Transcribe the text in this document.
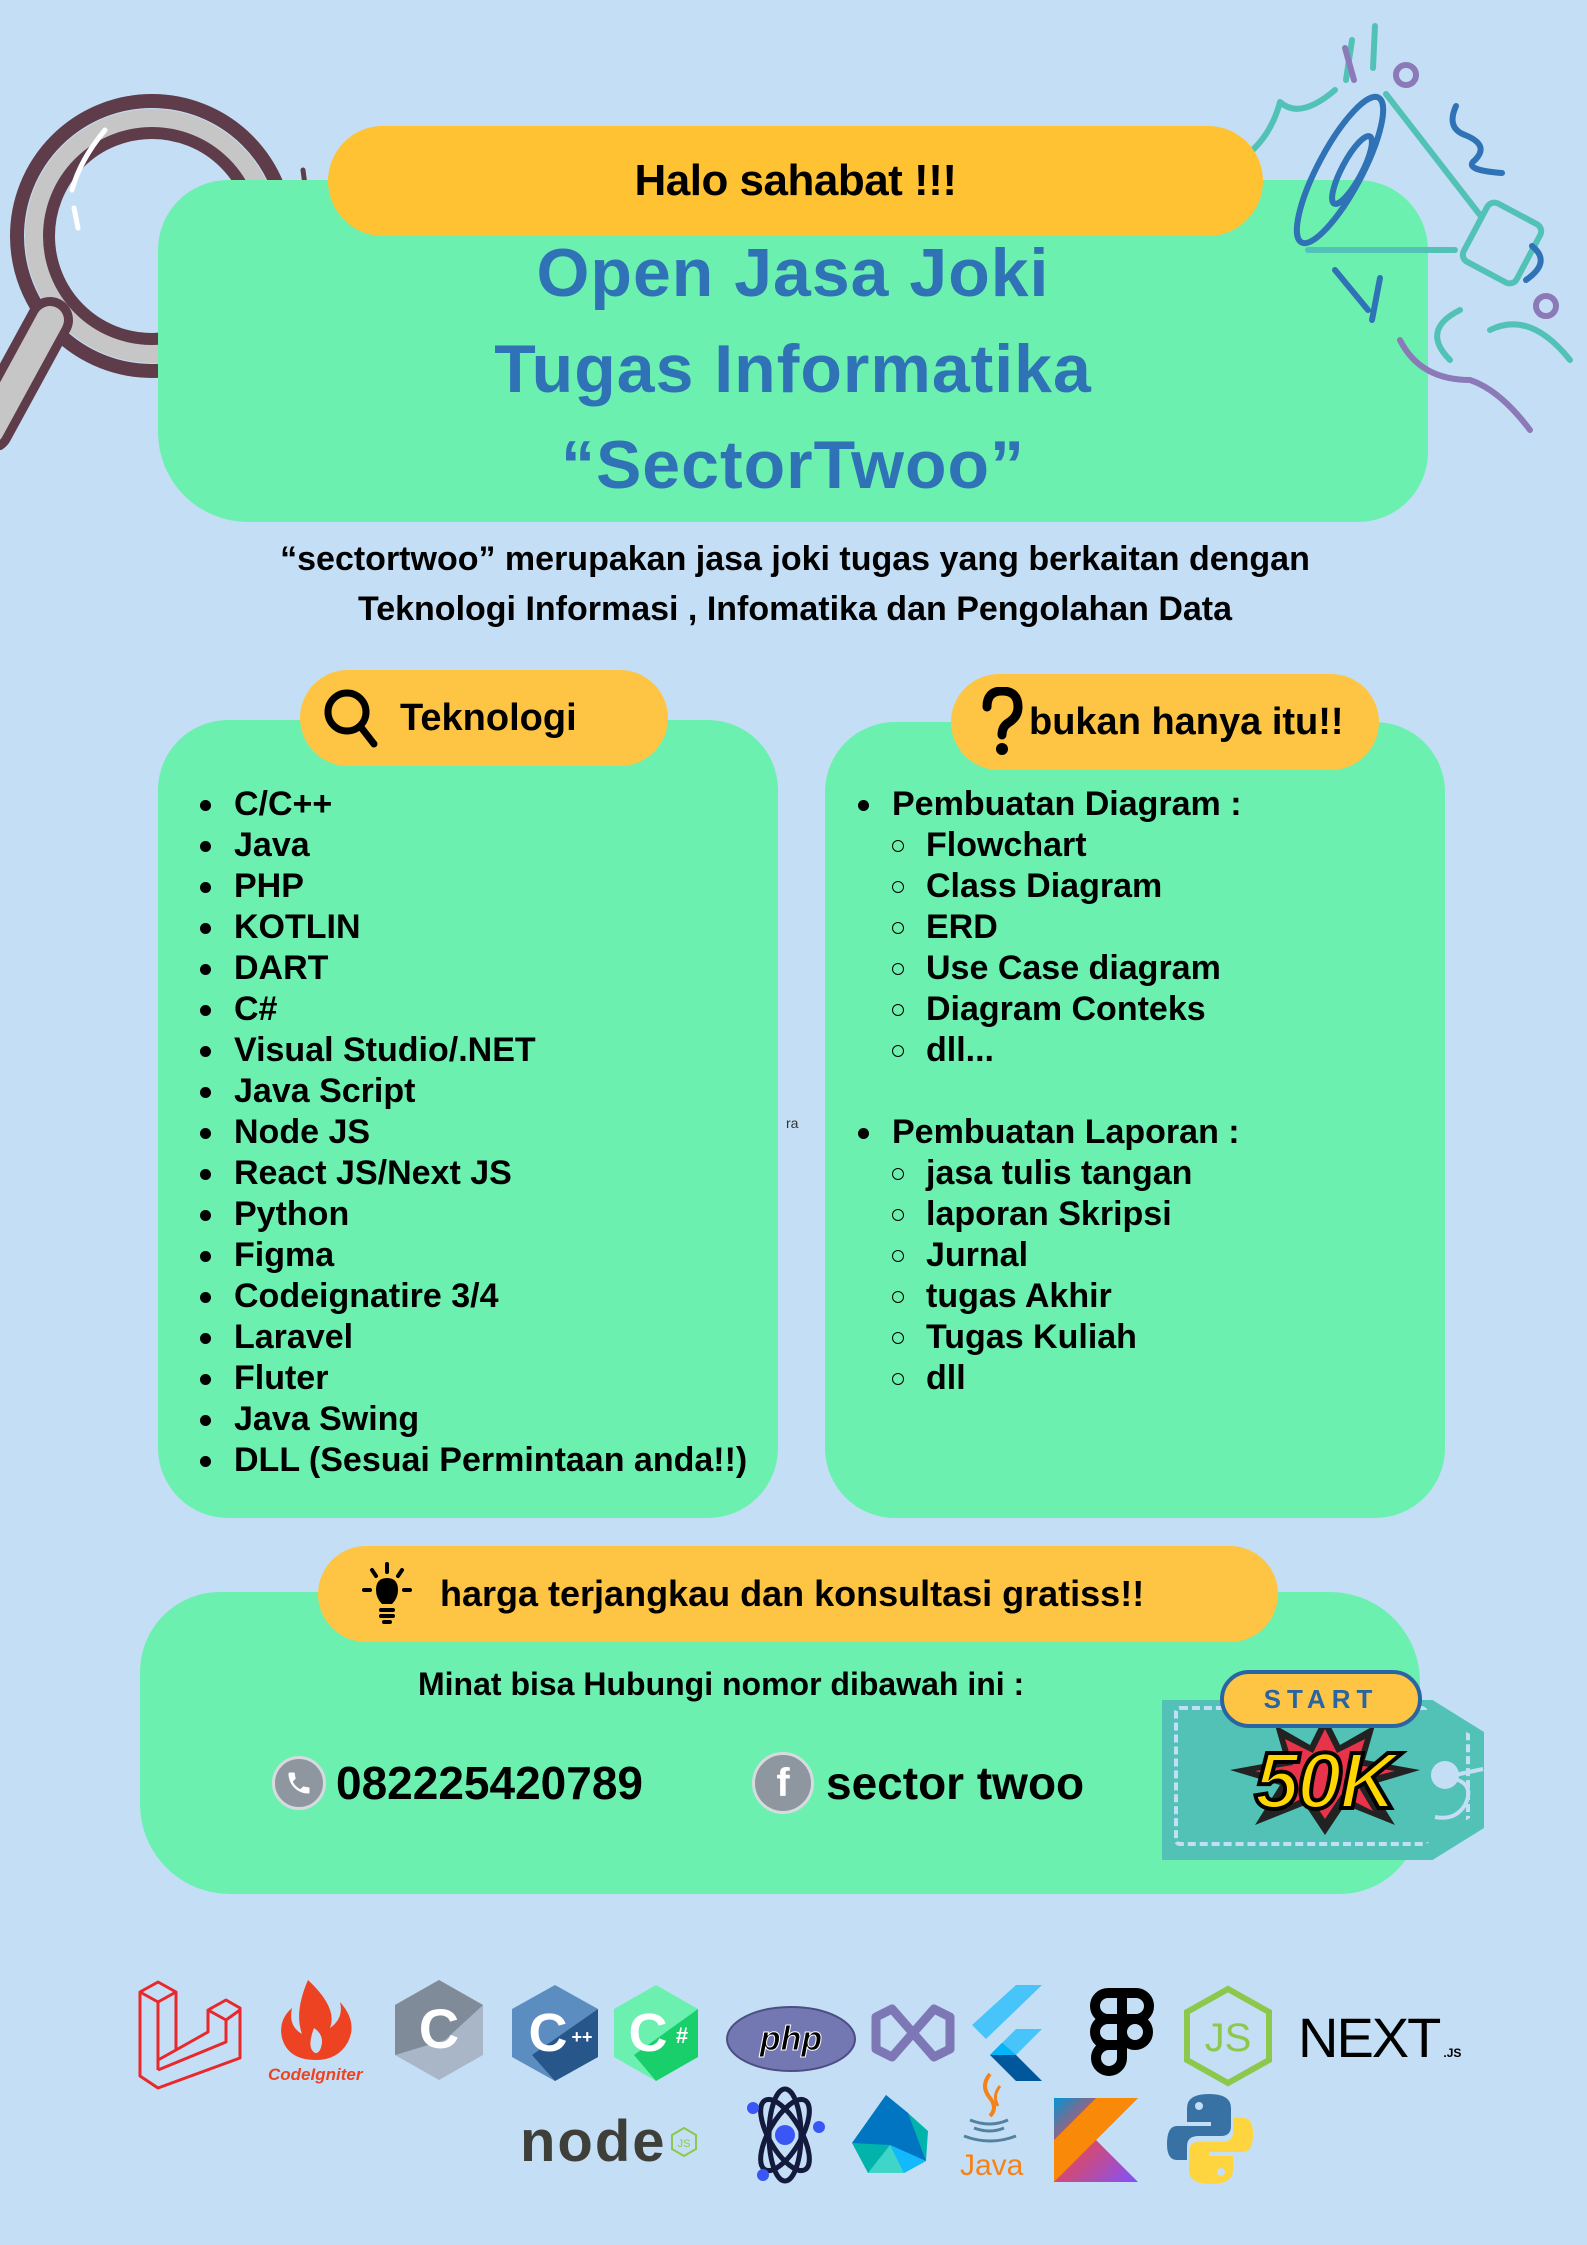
Halo sahabat !!!
Open Jasa Joki
Tugas Informatika
“SectorTwoo”
“sectortwoo” merupakan jasa joki tugas yang berkaitan dengan
Teknologi Informasi , Infomatika dan Pengolahan Data
Teknologi
C/C++
Java
PHP
KOTLIN
DART
C#
Visual Studio/.NET
Java Script
Node JS
React JS/Next JS
Python
Figma
Codeignatire 3/4
Laravel
Fluter
Java Swing
DLL (Sesuai Permintaan anda!!)
ra
bukan hanya itu!!
Pembuatan Diagram :
Flowchart
Class Diagram
ERD
Use Case diagram
Diagram Conteks
dll...
Pembuatan Laporan :
jasa tulis tangan
laporan Skripsi
Jurnal
tugas Akhir
Tugas Kuliah
dll
harga terjangkau dan konsultasi gratiss!!
Minat bisa Hubungi nomor dibawah ini :
082225420789	f sector twoo	50K
START
CodeIgniter
C C ++ C # php	JS NEXT .JS
node JS
Java
